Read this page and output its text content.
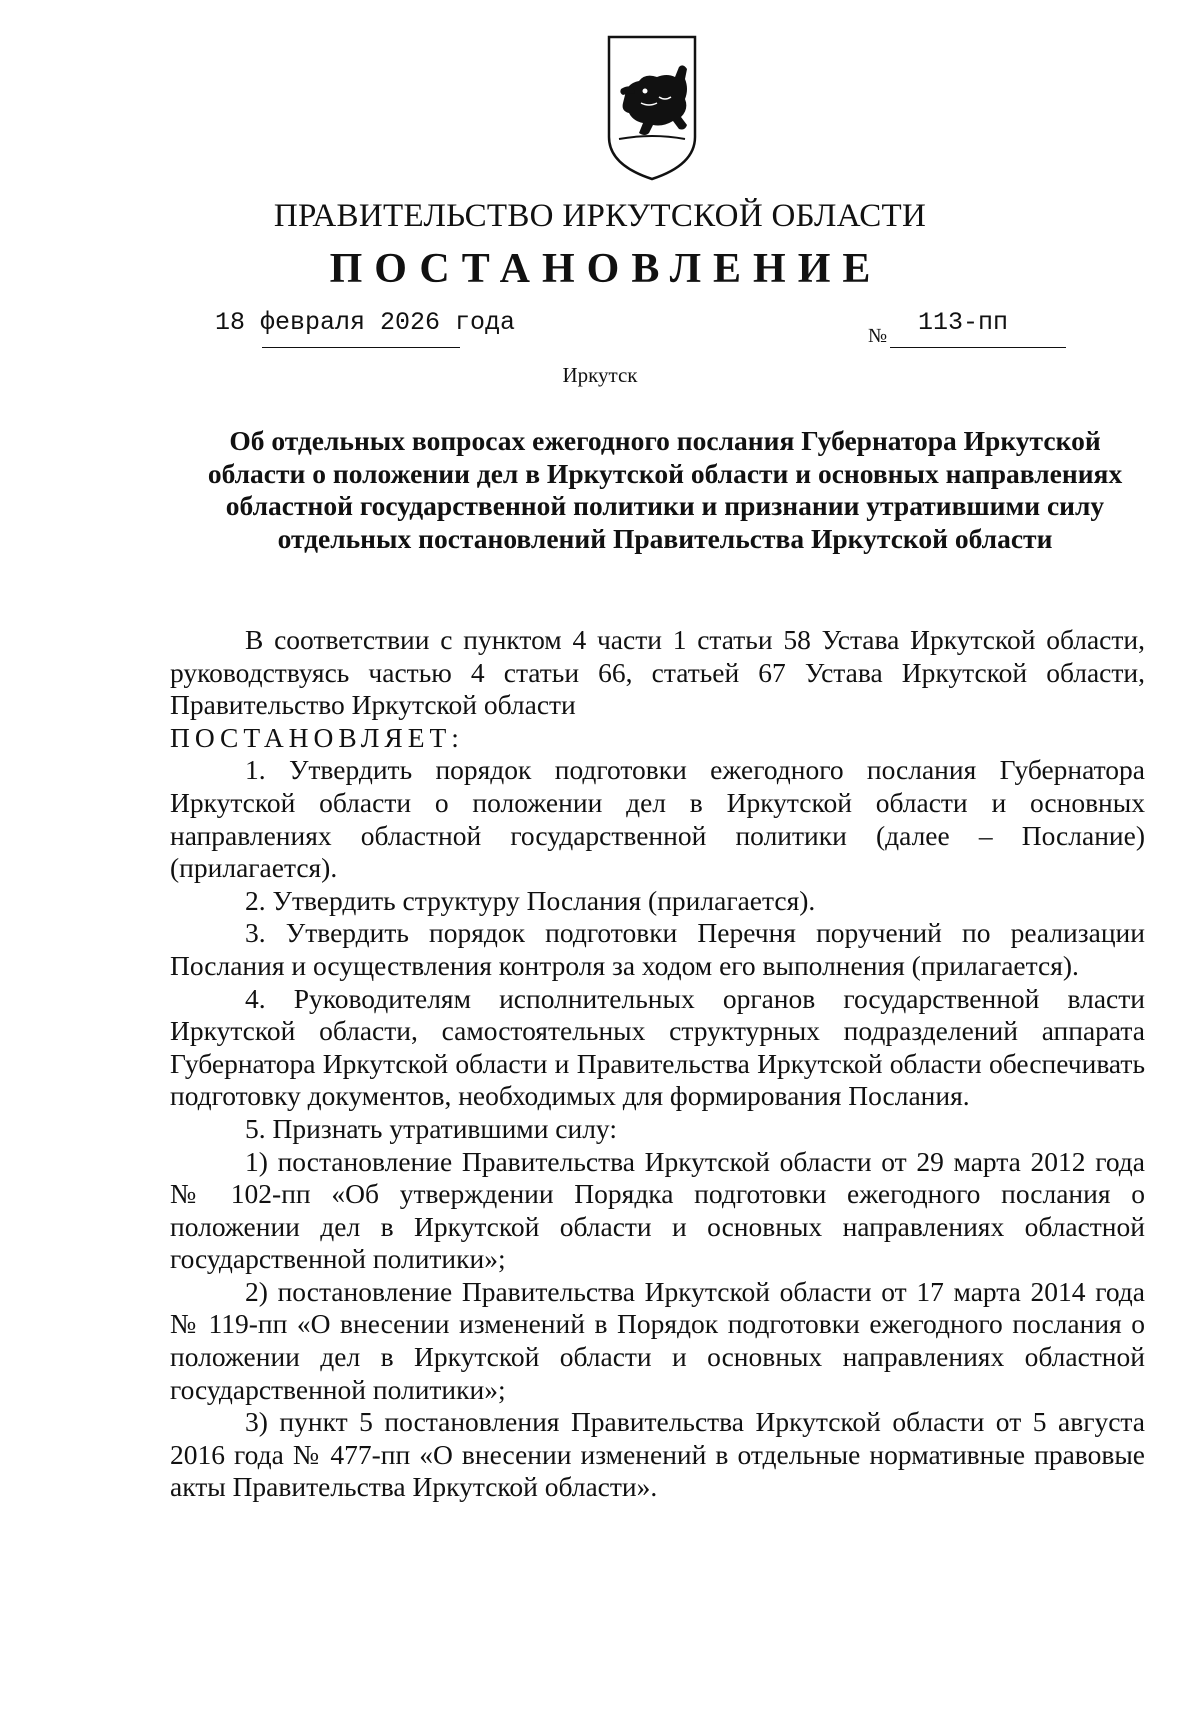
ПРАВИТЕЛЬСТВО ИРКУТСКОЙ ОБЛАСТИ
ПОСТАНОВЛЕНИЕ
18 февраля 2026 года	№ 113-пп
Иркутск
Об отдельных вопросах ежегодного послания Губернатора Иркутской области о положении дел в Иркутской области и основных направлениях областной государственной политики и признании утратившими силу отдельных постановлений Правительства Иркутской области

В соответствии с пунктом 4 части 1 статьи 58 Устава Иркутской области, руководствуясь частью 4 статьи 66, статьей 67 Устава Иркутской области, Правительство Иркутской области

ПОСТАНОВЛЯЕТ:

1. Утвердить порядок подготовки ежегодного послания Губернатора Иркутской области о положении дел в Иркутской области и основных направлениях областной государственной политики (далее – Послание) (прилагается).

2. Утвердить структуру Послания (прилагается).

3. Утвердить порядок подготовки Перечня поручений по реализации Послания и осуществления контроля за ходом его выполнения (прилагается).

4. Руководителям исполнительных органов государственной власти Иркутской области, самостоятельных структурных подразделений аппарата Губернатора Иркутской области и Правительства Иркутской области обеспечивать подготовку документов, необходимых для формирования Послания.

5. Признать утратившими силу:

1) постановление Правительства Иркутской области от 29 марта 2012 года № 102-пп «Об утверждении Порядка подготовки ежегодного послания о положении дел в Иркутской области и основных направлениях областной государственной политики»;

2) постановление Правительства Иркутской области от 17 марта 2014 года № 119-пп «О внесении изменений в Порядок подготовки ежегодного послания о положении дел в Иркутской области и основных направлениях областной государственной политики»;

3) пункт 5 постановления Правительства Иркутской области от 5 августа 2016 года № 477-пп «О внесении изменений в отдельные нормативные правовые акты Правительства Иркутской области».
